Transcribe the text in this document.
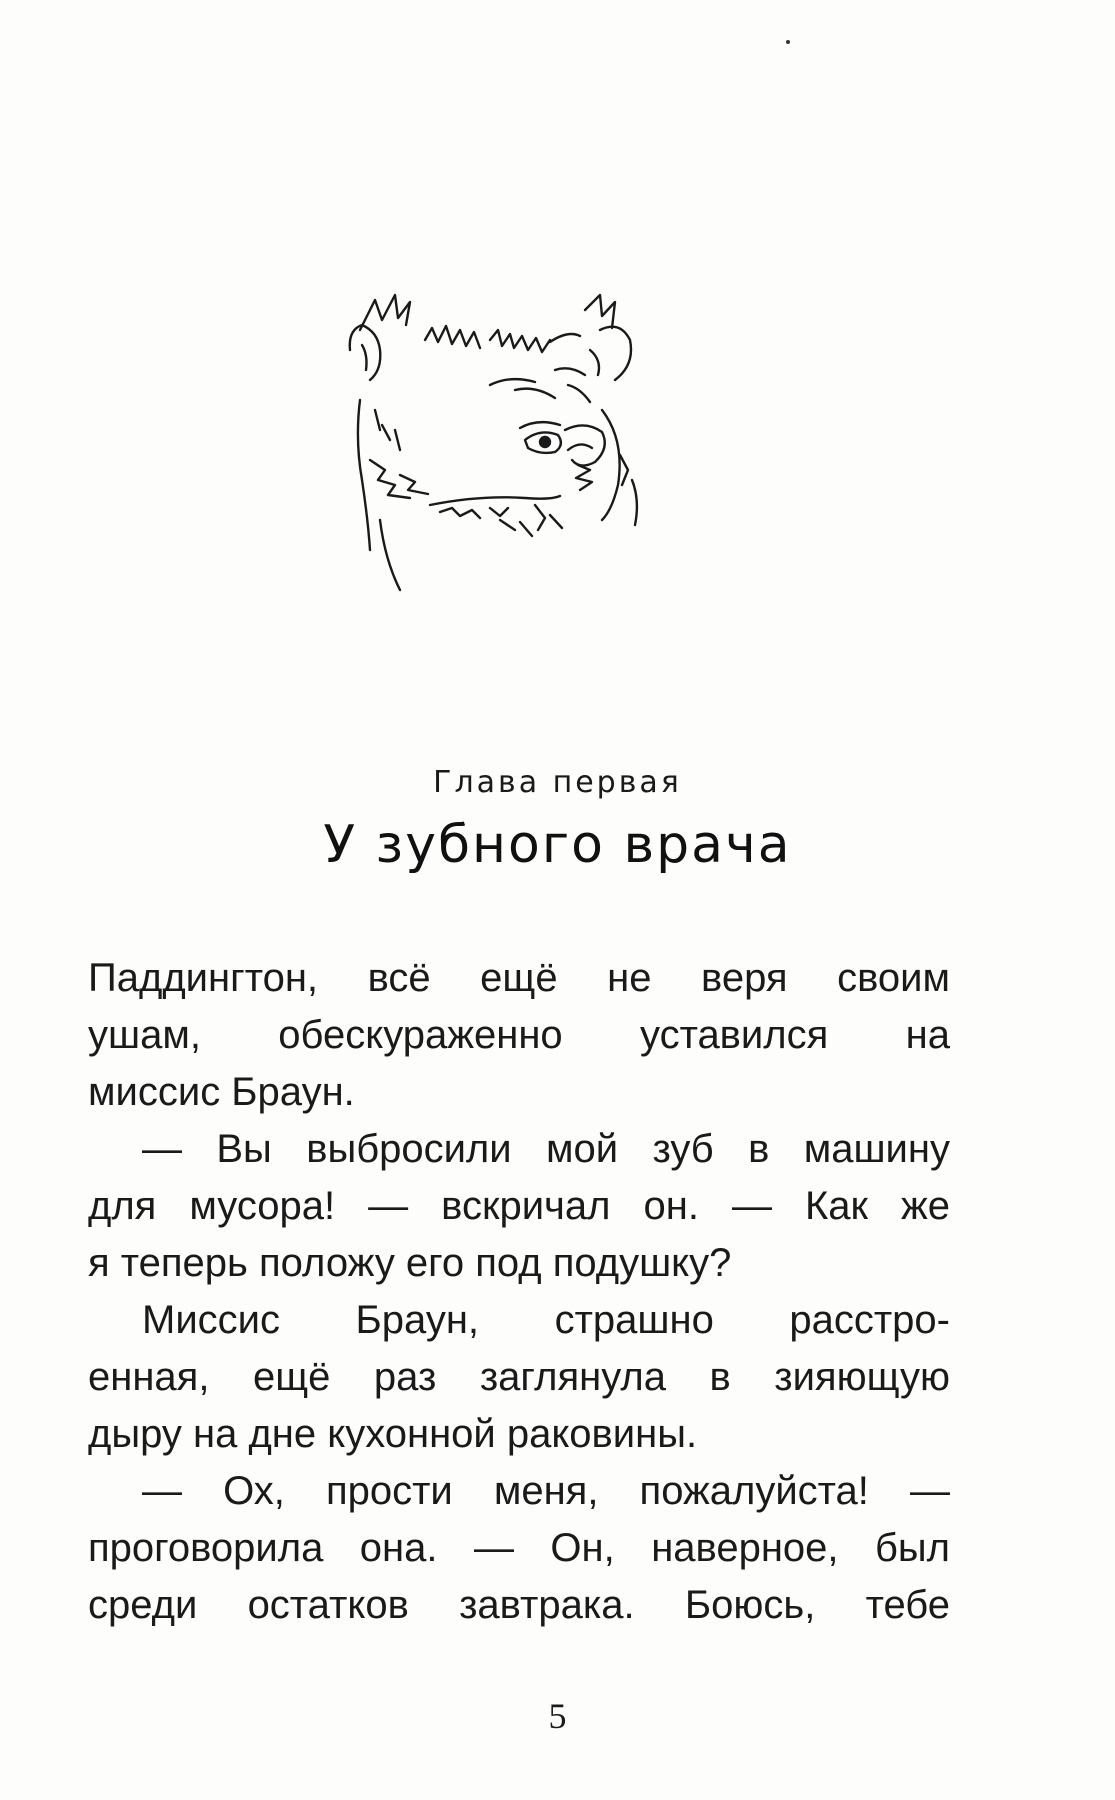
Глава первая
У зубного врача
Паддингтон, всё ещё не веря своим
ушам, обескураженно уставился на
миссис Браун.
— Вы выбросили мой зуб в машину
для мусора! — вскричал он. — Как же
я теперь положу его под подушку?
Миссис Браун, страшно расстро-
енная, ещё раз заглянула в зияющую
дыру на дне кухонной раковины.
— Ох, прости меня, пожалуйста! —
проговорила она. — Он, наверное, был
среди остатков завтрака. Боюсь, тебе
5
